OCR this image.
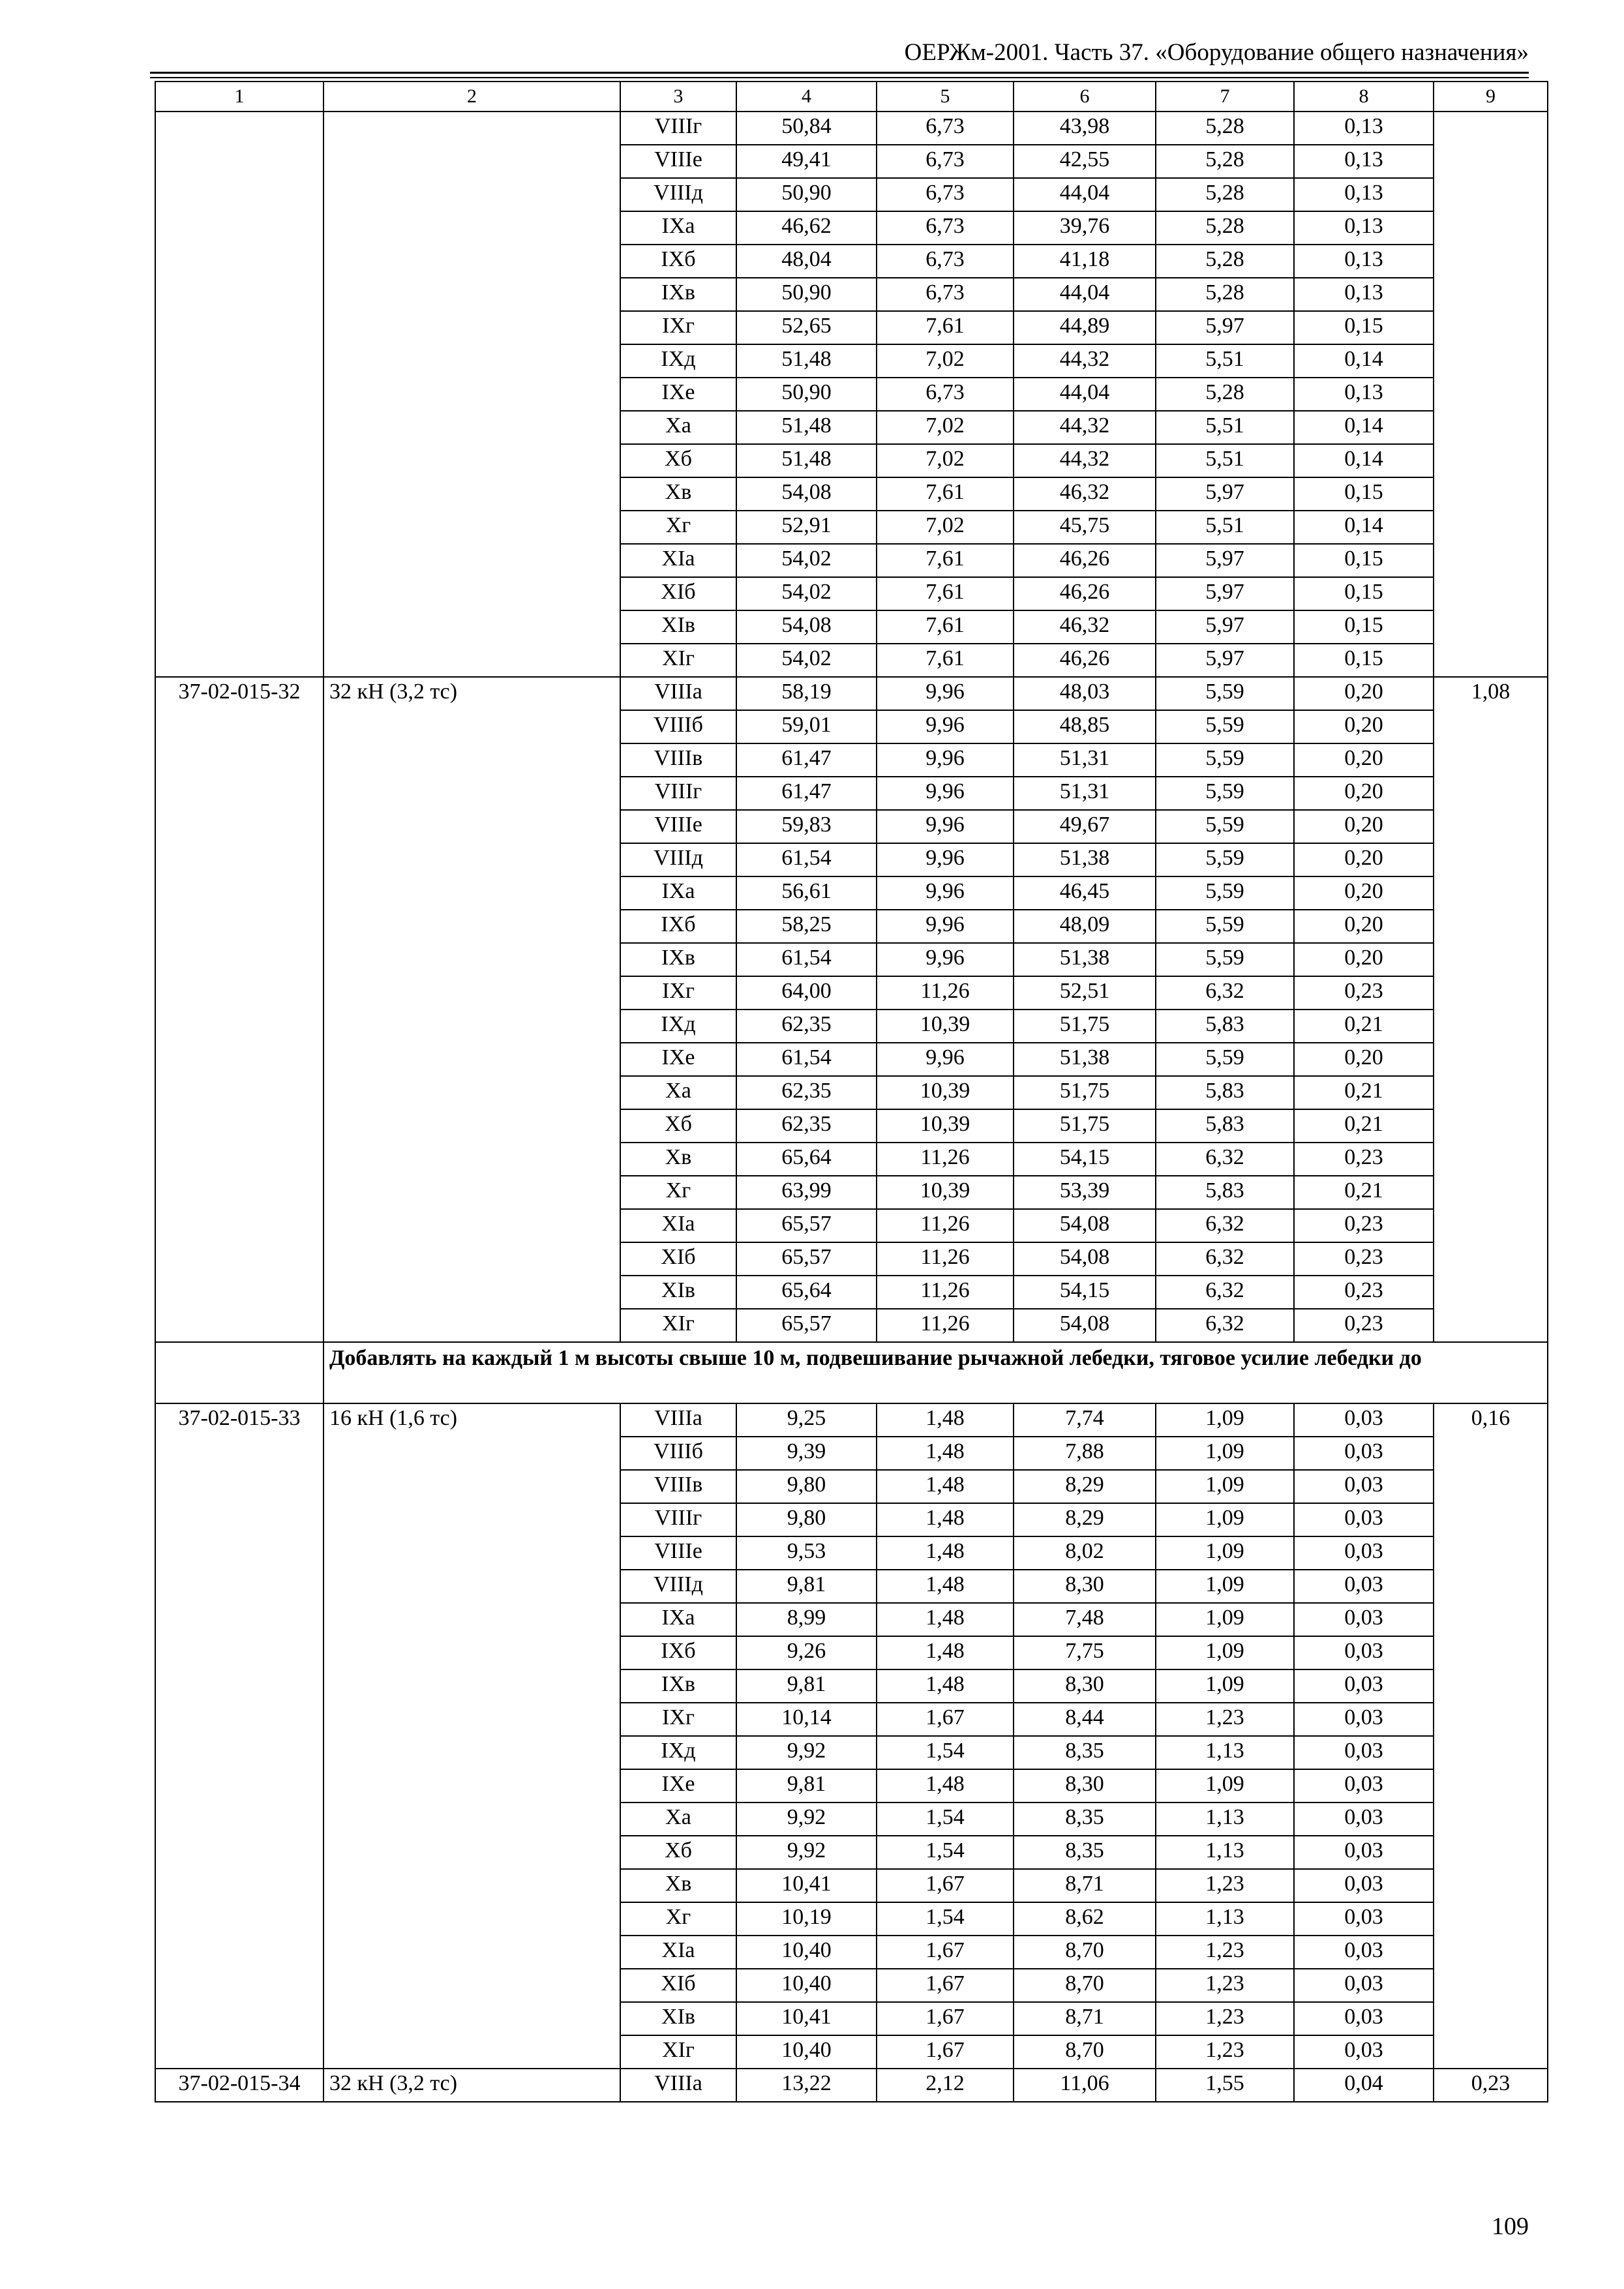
ОЕРЖм-2001. Часть 37. «Оборудование общего назначения»
1	2	3	4	5	6	7	8	9
		VIIIг	50,84	6,73	43,98	5,28	0,13	
		VIIIе	49,41	6,73	42,55	5,28	0,13	
		VIIIд	50,90	6,73	44,04	5,28	0,13	
		IXа	46,62	6,73	39,76	5,28	0,13	
		IXб	48,04	6,73	41,18	5,28	0,13	
		IXв	50,90	6,73	44,04	5,28	0,13	
		IXг	52,65	7,61	44,89	5,97	0,15	
		IXд	51,48	7,02	44,32	5,51	0,14	
		IXе	50,90	6,73	44,04	5,28	0,13	
		Xа	51,48	7,02	44,32	5,51	0,14	
		Xб	51,48	7,02	44,32	5,51	0,14	
		Xв	54,08	7,61	46,32	5,97	0,15	
		Xг	52,91	7,02	45,75	5,51	0,14	
		XIа	54,02	7,61	46,26	5,97	0,15	
		XIб	54,02	7,61	46,26	5,97	0,15	
		XIв	54,08	7,61	46,32	5,97	0,15	
		XIг	54,02	7,61	46,26	5,97	0,15	
37-02-015-32	32 кН (3,2 тс)	VIIIа	58,19	9,96	48,03	5,59	0,20	1,08
		VIIIб	59,01	9,96	48,85	5,59	0,20	
		VIIIв	61,47	9,96	51,31	5,59	0,20	
		VIIIг	61,47	9,96	51,31	5,59	0,20	
		VIIIе	59,83	9,96	49,67	5,59	0,20	
		VIIIд	61,54	9,96	51,38	5,59	0,20	
		IXа	56,61	9,96	46,45	5,59	0,20	
		IXб	58,25	9,96	48,09	5,59	0,20	
		IXв	61,54	9,96	51,38	5,59	0,20	
		IXг	64,00	11,26	52,51	6,32	0,23	
		IXд	62,35	10,39	51,75	5,83	0,21	
		IXе	61,54	9,96	51,38	5,59	0,20	
		Xа	62,35	10,39	51,75	5,83	0,21	
		Xб	62,35	10,39	51,75	5,83	0,21	
		Xв	65,64	11,26	54,15	6,32	0,23	
		Xг	63,99	10,39	53,39	5,83	0,21	
		XIа	65,57	11,26	54,08	6,32	0,23	
		XIб	65,57	11,26	54,08	6,32	0,23	
		XIв	65,64	11,26	54,15	6,32	0,23	
		XIг	65,57	11,26	54,08	6,32	0,23	
	Добавлять на каждый 1 м высоты свыше 10 м, подвешивание рычажной лебедки, тяговое усилие лебедки до							
37-02-015-33	16 кН (1,6 тс)	VIIIа	9,25	1,48	7,74	1,09	0,03	0,16
		VIIIб	9,39	1,48	7,88	1,09	0,03	
		VIIIв	9,80	1,48	8,29	1,09	0,03	
		VIIIг	9,80	1,48	8,29	1,09	0,03	
		VIIIе	9,53	1,48	8,02	1,09	0,03	
		VIIIд	9,81	1,48	8,30	1,09	0,03	
		IXа	8,99	1,48	7,48	1,09	0,03	
		IXб	9,26	1,48	7,75	1,09	0,03	
		IXв	9,81	1,48	8,30	1,09	0,03	
		IXг	10,14	1,67	8,44	1,23	0,03	
		IXд	9,92	1,54	8,35	1,13	0,03	
		IXе	9,81	1,48	8,30	1,09	0,03	
		Xа	9,92	1,54	8,35	1,13	0,03	
		Xб	9,92	1,54	8,35	1,13	0,03	
		Xв	10,41	1,67	8,71	1,23	0,03	
		Xг	10,19	1,54	8,62	1,13	0,03	
		XIа	10,40	1,67	8,70	1,23	0,03	
		XIб	10,40	1,67	8,70	1,23	0,03	
		XIв	10,41	1,67	8,71	1,23	0,03	
		XIг	10,40	1,67	8,70	1,23	0,03	
37-02-015-34	32 кН (3,2 тс)	VIIIа	13,22	2,12	11,06	1,55	0,04	0,23
109
